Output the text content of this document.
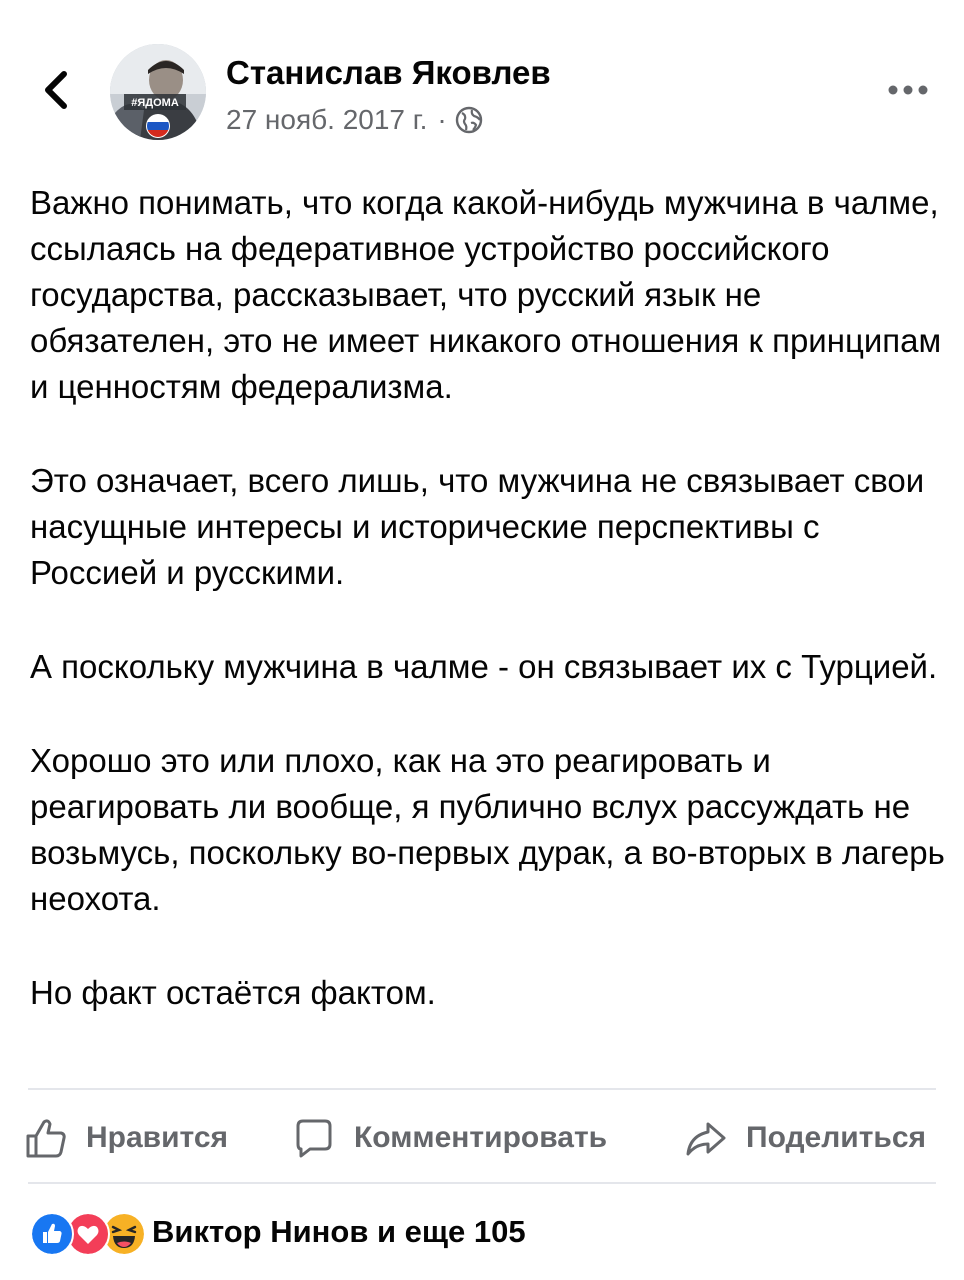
#ЯДОМА
Станислав Яковлев
27 нояб. 2017 г. ·

Важно понимать, что когда какой-нибудь мужчина в чалме, ссылаясь на федеративное устройство российского государства, рассказывает, что русский язык не обязателен, это не имеет никакого отношения к принципам и ценностям федерализма.

Это означает, всего лишь, что мужчина не связывает свои насущные интересы и исторические перспективы с Россией и русскими.

А поскольку мужчина в чалме - он связывает их с Турцией.

Хорошо это или плохо, как на это реагировать и реагировать ли вообще, я публично вслух рассуждать не возьмусь, поскольку во-первых дурак, а во-вторых в лагерь неохота.

Но факт остаётся фактом.

Нравится	Комментировать	Поделиться
Виктор Нинов и еще 105
